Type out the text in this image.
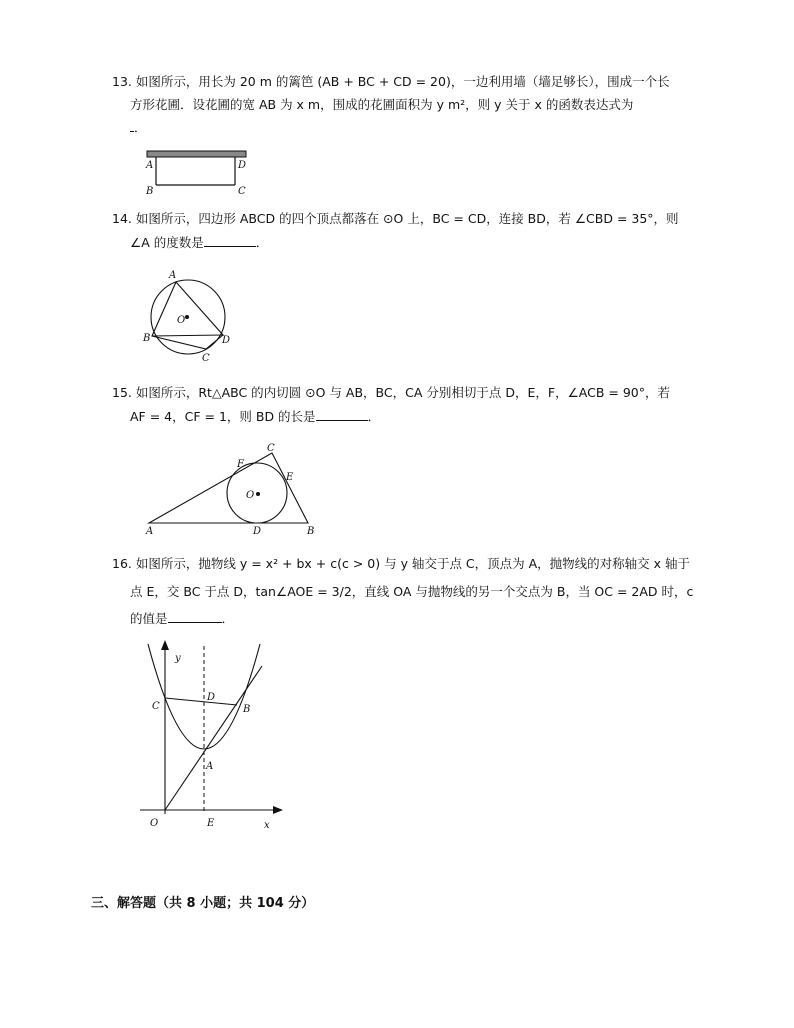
13. 如图所示，用长为 20 m 的篱笆 (AB + BC + CD = 20)，一边利用墙（墙足够长），围成一个长
方形花圃．设花圃的宽 AB 为 x m，围成的花圃面积为 y m²，则 y 关于 x 的函数表达式为
．
A	D
B	C
14. 如图所示，四边形 ABCD 的四个顶点都落在 ⊙O 上，BC = CD，连接 BD，若 ∠CBD = 35°，则
∠A 的度数是	．
A
O
B	D
C
15. 如图所示，Rt△ABC 的内切圆 ⊙O 与 AB，BC，CA 分别相切于点 D，E，F，∠ACB = 90°，若
AF = 4，CF = 1，则 BD 的长是	．
C
F
E
O
A	D	B
16. 如图所示，抛物线 y = x² + bx + c(c > 0) 与 y 轴交于点 C，顶点为 A，抛物线的对称轴交 x 轴于
点 E，交 BC 于点 D，tan∠AOE = 3/2，直线 OA 与抛物线的另一个交点为 B，当 OC = 2AD 时，c
的值是	．
y
C
D
B
A
O	E	x
三、解答题（共 8 小题；共 104 分）
